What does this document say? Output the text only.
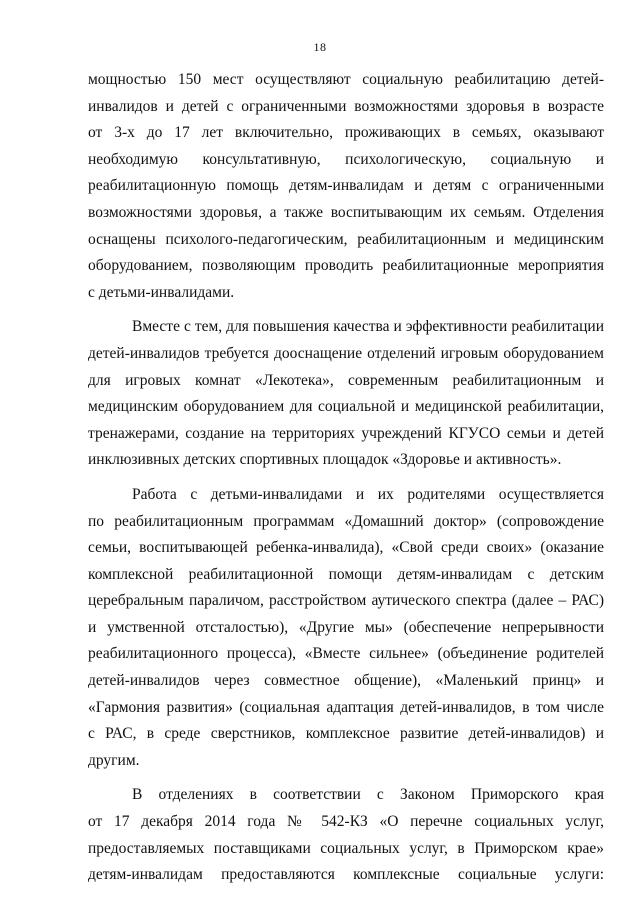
18
мощностью 150 мест осуществляют социальную реабилитацию детей-
инвалидов и детей с ограниченными возможностями здоровья в возрасте
от 3-х до 17 лет включительно, проживающих в семьях, оказывают
необходимую консультативную, психологическую, социальную и
реабилитационную помощь детям-инвалидам и детям с ограниченными
возможностями здоровья, а также воспитывающим их семьям. Отделения
оснащены психолого-педагогическим, реабилитационным и медицинским
оборудованием, позволяющим проводить реабилитационные мероприятия
с детьми-инвалидами.
Вместе с тем, для повышения качества и эффективности реабилитации
детей-инвалидов требуется дооснащение отделений игровым оборудованием
для игровых комнат «Лекотека», современным реабилитационным и
медицинским оборудованием для социальной и медицинской реабилитации,
тренажерами, создание на территориях учреждений КГУСО семьи и детей
инклюзивных детских спортивных площадок «Здоровье и активность».
Работа с детьми-инвалидами и их родителями осуществляется
по реабилитационным программам «Домашний доктор» (сопровождение
семьи, воспитывающей ребенка-инвалида), «Свой среди своих» (оказание
комплексной реабилитационной помощи детям-инвалидам с детским
церебральным параличом, расстройством аутического спектра (далее – РАС)
и умственной отсталостью), «Другие мы» (обеспечение непрерывности
реабилитационного процесса), «Вместе сильнее» (объединение родителей
детей-инвалидов через совместное общение), «Маленький принц» и
«Гармония развития» (социальная адаптация детей-инвалидов, в том числе
с РАС, в среде сверстников, комплексное развитие детей-инвалидов) и
другим.
В отделениях в соответствии с Законом Приморского края
от 17 декабря 2014 года № 542-КЗ «О перечне социальных услуг,
предоставляемых поставщиками социальных услуг, в Приморском крае»
детям-инвалидам предоставляются комплексные социальные услуги:
